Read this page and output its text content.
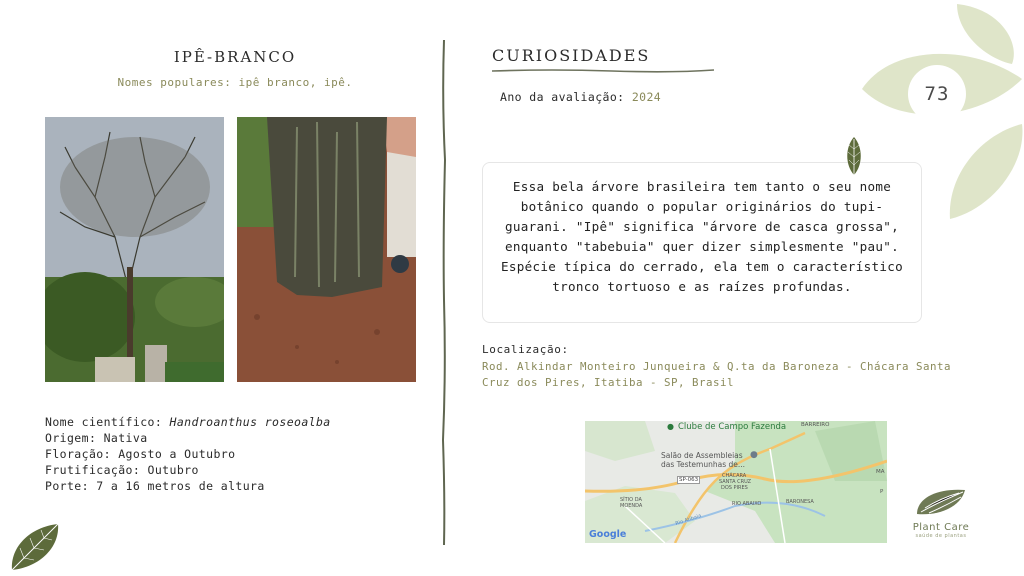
IPÊ-BRANCO
Nomes populares: ipê branco, ipê.
Nome científico: Handroanthus roseoalba
Origem: Nativa
Floração: Agosto a Outubro
Frutificação: Outubro
Porte: 7 a 16 metros de altura
CURIOSIDADES
Ano da avaliação: 2024
Essa bela árvore brasileira tem tanto o seu nome botânico quando o popular originários do tupi-guarani. "Ipê" significa "árvore de casca grossa", enquanto "tabebuia" quer dizer simplesmente "pau". Espécie típica do cerrado, ela tem o característico tronco tortuoso e as raízes profundas.
Localização:
Rod. Alkindar Monteiro Junqueira & Q.ta da Baroneza - Chácara Santa Cruz dos Pires, Itatiba - SP, Brasil
● Clube de Campo Fazenda	BARREIRO
Salão de Assembleias
das Testemunhas de...
●
SP-063
CHÁCARA
SANTA CRUZ
DOS PIRES
SÍTIO DA
MOENDA	RIO ABAIXO	BARONESA
Rio Atibaia
MA
P
Google
73
Plant Care
saúde de plantas
